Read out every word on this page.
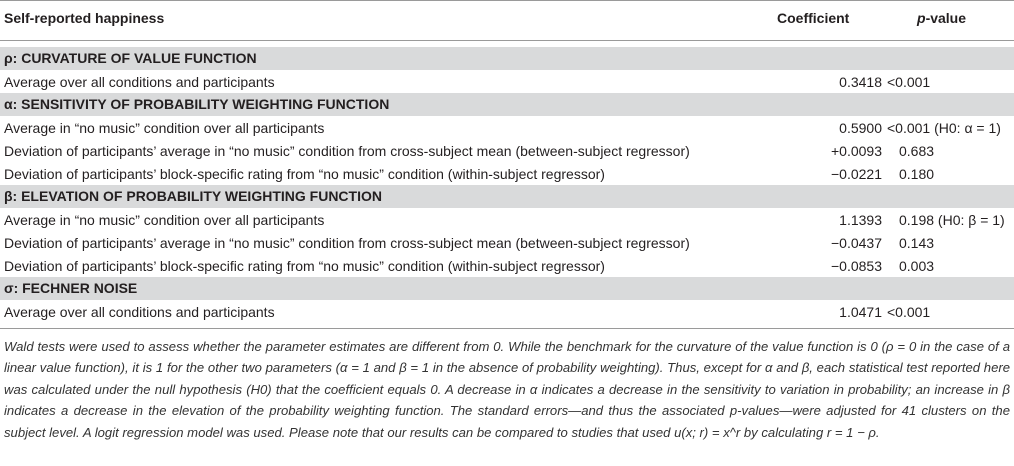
Self-reported happiness	Coefficient	p-value
ρ: CURVATURE OF VALUE FUNCTION
Average over all conditions and participants	0.3418 <0.001
α: SENSITIVITY OF PROBABILITY WEIGHTING FUNCTION
Average in “no music” condition over all participants	0.5900 <0.001 (H0: α = 1)
Deviation of participants’ average in “no music” condition from cross-subject mean (between-subject regressor)	+0.0093 0.683
Deviation of participants’ block-specific rating from “no music” condition (within-subject regressor)	−0.0221 0.180
β: ELEVATION OF PROBABILITY WEIGHTING FUNCTION
Average in “no music” condition over all participants	1.1393 0.198 (H0: β = 1)
Deviation of participants’ average in “no music” condition from cross-subject mean (between-subject regressor)	−0.0437 0.143
Deviation of participants’ block-specific rating from “no music” condition (within-subject regressor)	−0.0853 0.003
σ: FECHNER NOISE
Average over all conditions and participants	1.0471 <0.001
Wald tests were used to assess whether the parameter estimates are different from 0. While the benchmark for the curvature of the value function is 0 (ρ = 0 in the case of a linear value function), it is 1 for the other two parameters (α = 1 and β = 1 in the absence of probability weighting). Thus, except for α and β, each statistical test reported here was calculated under the null hypothesis (H0) that the coefficient equals 0. A decrease in α indicates a decrease in the sensitivity to variation in probability; an increase in β indicates a decrease in the elevation of the probability weighting function. The standard errors—and thus the associated p-values—were adjusted for 41 clusters on the subject level. A logit regression model was used. Please note that our results can be compared to studies that used u(x; r) = x^r by calculating r = 1 − ρ.
